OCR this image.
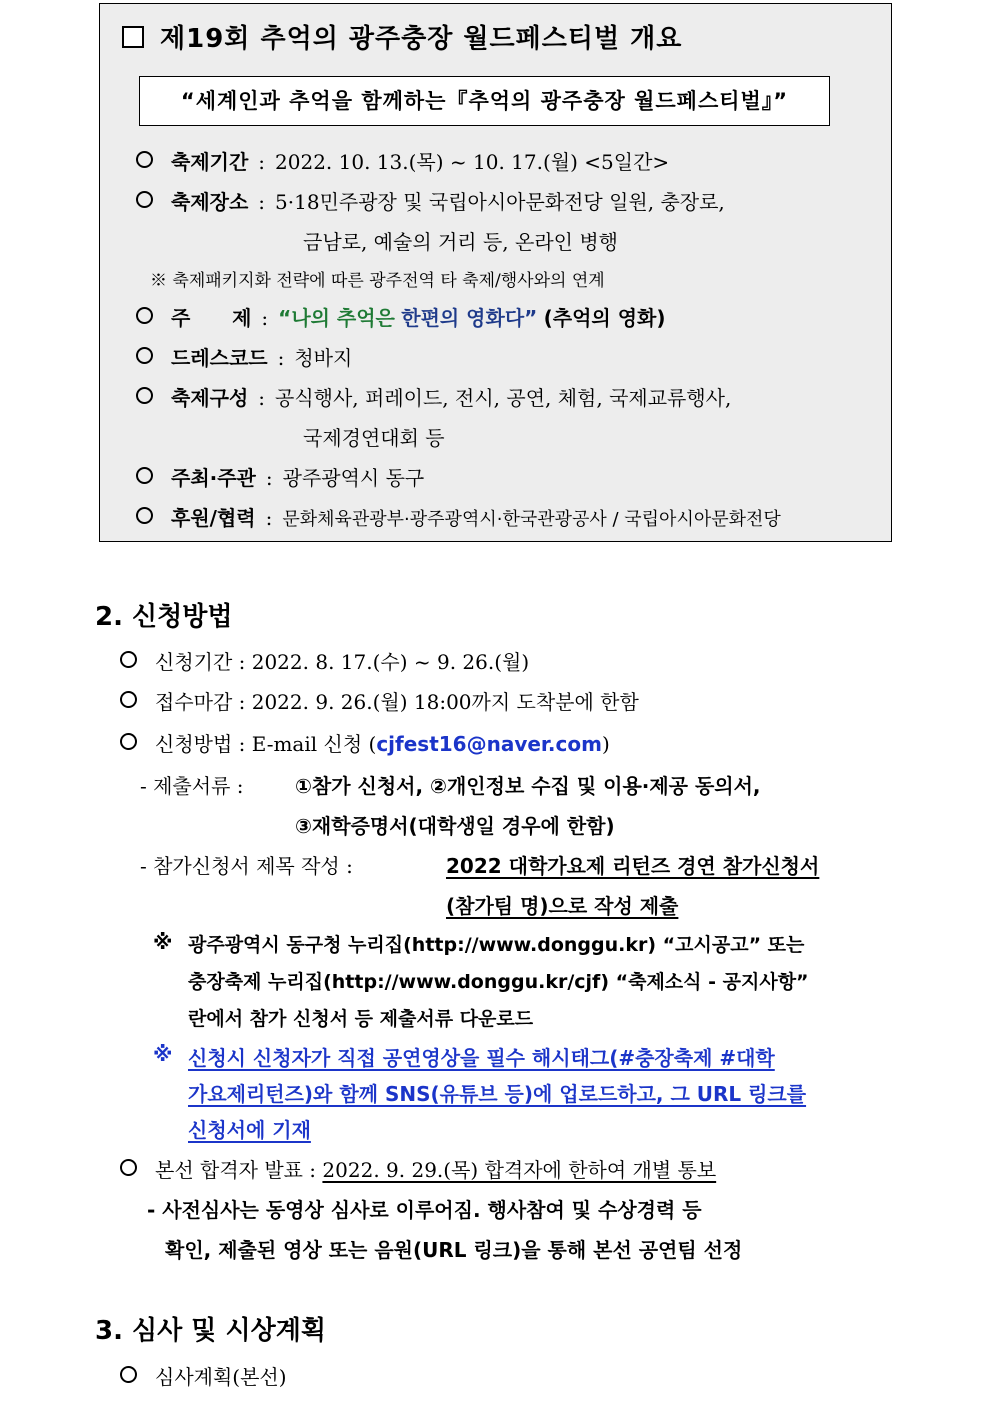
제19회 추억의 광주충장 월드페스티벌 개요
“세계인과 추억을 함께하는『추억의 광주충장 월드페스티벌』”
축제기간 : 2022. 10. 13.(목) ~ 10. 17.(월) <5일간>
축제장소 : 5·18민주광장 및 국립아시아문화전당 일원, 충장로,
금남로, 예술의 거리 등, 온라인 병행
※ 축제패키지화 전략에 따른 광주전역 타 축제/행사와의 연계
주      제 : “나의 추억은 한편의 영화다” (추억의 영화)
드레스코드 : 청바지
축제구성 : 공식행사, 퍼레이드, 전시, 공연, 체험, 국제교류행사,
국제경연대회 등
주최·주관 : 광주광역시 동구
후원/협력 : 문화체육관광부·광주광역시·한국관광공사 / 국립아시아문화전당
2. 신청방법
신청기간 : 2022. 8. 17.(수) ~ 9. 26.(월)
접수마감 : 2022. 9. 26.(월) 18:00까지 도착분에 한함
신청방법 : E-mail 신청 (cjfest16@naver.com)
- 제출서류 :	①참가 신청서, ②개인정보 수집 및 이용·제공 동의서,
③재학증명서(대학생일 경우에 한함)
- 참가신청서 제목 작성 :	2022 대학가요제 리턴즈 경연 참가신청서
(참가팀 명)으로 작성 제출
※ 광주광역시 동구청 누리집(http://www.donggu.kr) “고시공고” 또는
충장축제 누리집(http://www.donggu.kr/cjf) “축제소식 - 공지사항”
란에서 참가 신청서 등 제출서류 다운로드
※ 신청시 신청자가 직접 공연영상을 필수 해시태그(#충장축제 #대학
가요제리턴즈)와 함께 SNS(유튜브 등)에 업로드하고, 그 URL 링크를
신청서에 기재
본선 합격자 발표 : 2022. 9. 29.(목) 합격자에 한하여 개별 통보
- 사전심사는 동영상 심사로 이루어짐. 행사참여 및 수상경력 등
확인, 제출된 영상 또는 음원(URL 링크)을 통해 본선 공연팀 선정
3. 심사 및 시상계획
심사계획(본선)
